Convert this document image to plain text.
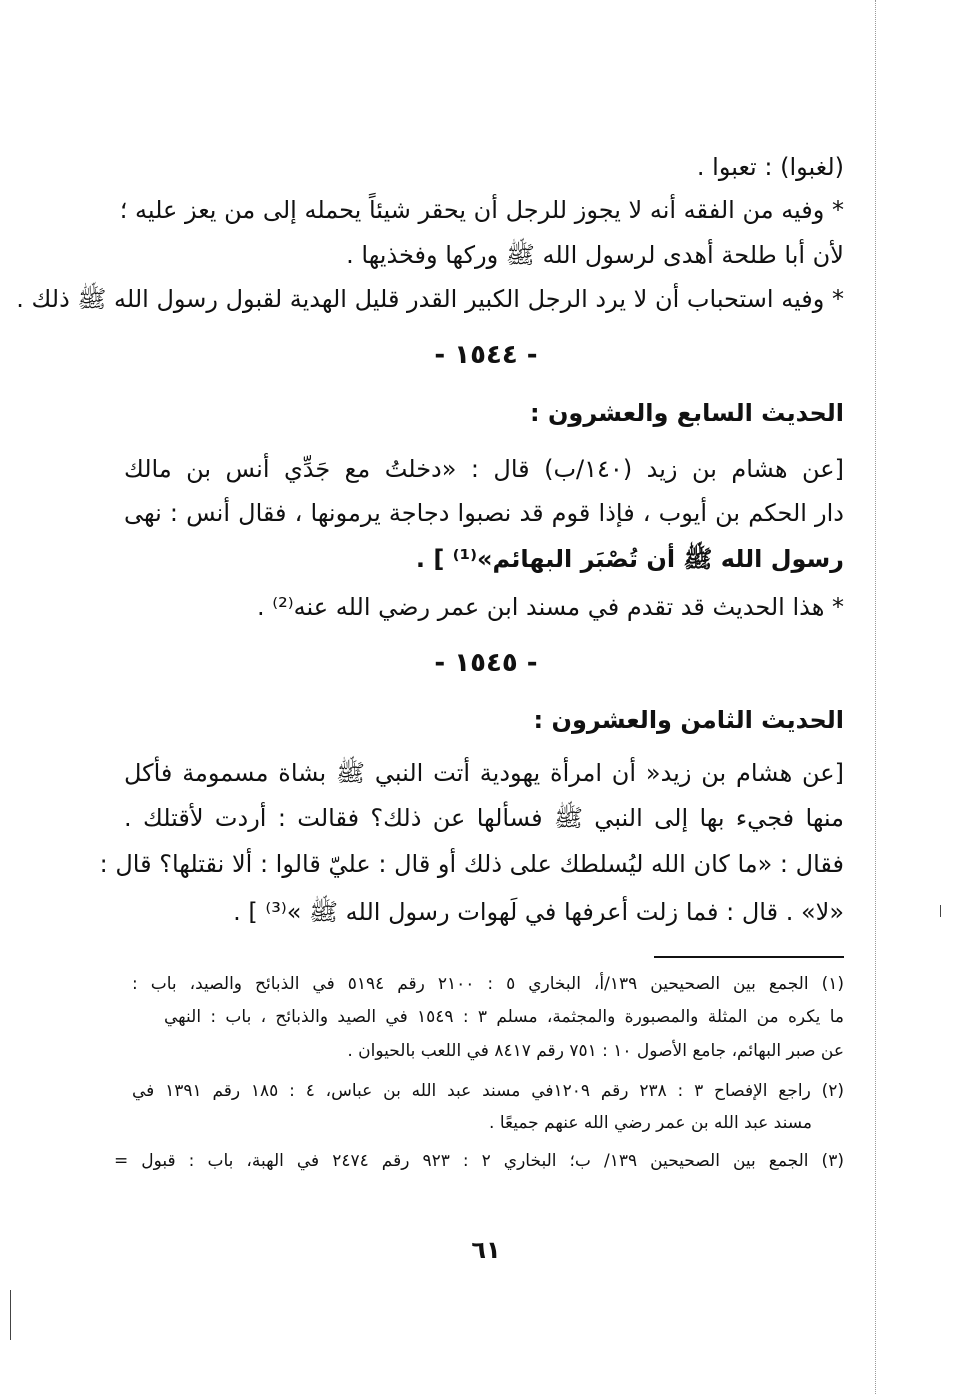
(لغبوا) : تعبوا .
* وفيه من الفقه أنه لا يجوز للرجل أن يحقر شيئاً يحمله إلى من يعز عليه ؛
لأن أبا طلحة أهدى لرسول الله ﷺ وركها وفخذيها .
* وفيه استحباب أن لا يرد الرجل الكبير القدر قليل الهدية لقبول رسول الله ﷺ ذلك .
- ١٥٤٤ -
الحديث السابع والعشرون :
[عن هشام بن زيد (١٤٠/ب) قال : «دخلتُ مع جَدِّي أنس بن مالك
دار الحكم بن أيوب ، فإذا قوم قد نصبوا دجاجة يرمونها ، فقال أنس : نهى
رسول الله ﷺ أن تُصْبَر البهائم»⁽¹⁾ ] .
* هذا الحديث قد تقدم في مسند ابن عمر رضي الله عنه⁽²⁾ .
- ١٥٤٥ -
الحديث الثامن والعشرون :
[عن هشام بن زيد« أن امرأة يهودية أتت النبي ﷺ بشاة مسمومة فأكل
منها فجيء بها إلى النبي ﷺ فسألها عن ذلك؟ فقالت : أردت لأقتلك .
فقال : «ما كان الله ليُسلطك على ذلك أو قال : عليّ قالوا : ألا نقتلها؟ قال :
«لا» . قال : فما زلت أعرفها في لَهوات رسول الله ﷺ »⁽³⁾ ] .
(١) الجمع بين الصحيحين ١٣٩/أ، البخاري ٥ : ٢١٠٠ رقم ٥١٩٤ في الذبائح والصيد، باب :
ما يكره من المثلة والمصبورة والمجثمة، مسلم ٣ : ١٥٤٩ في الصيد والذبائح ، باب : النهي
عن صبر البهائم، جامع الأصول ١٠ : ٧٥١ رقم ٨٤١٧ في اللعب بالحيوان .
(٢) راجع الإفصاح ٣ : ٢٣٨ رقم ١٢٠٩في مسند عبد الله بن عباس، ٤ : ١٨٥ رقم ١٣٩١ في
مسند عبد الله بن عمر رضي الله عنهم جميعًا .
(٣) الجمع بين الصحيحين ١٣٩/ ب؛ البخاري ٢ : ٩٢٣ رقم ٢٤٧٤ في الهبة، باب : قبول =
٦١
